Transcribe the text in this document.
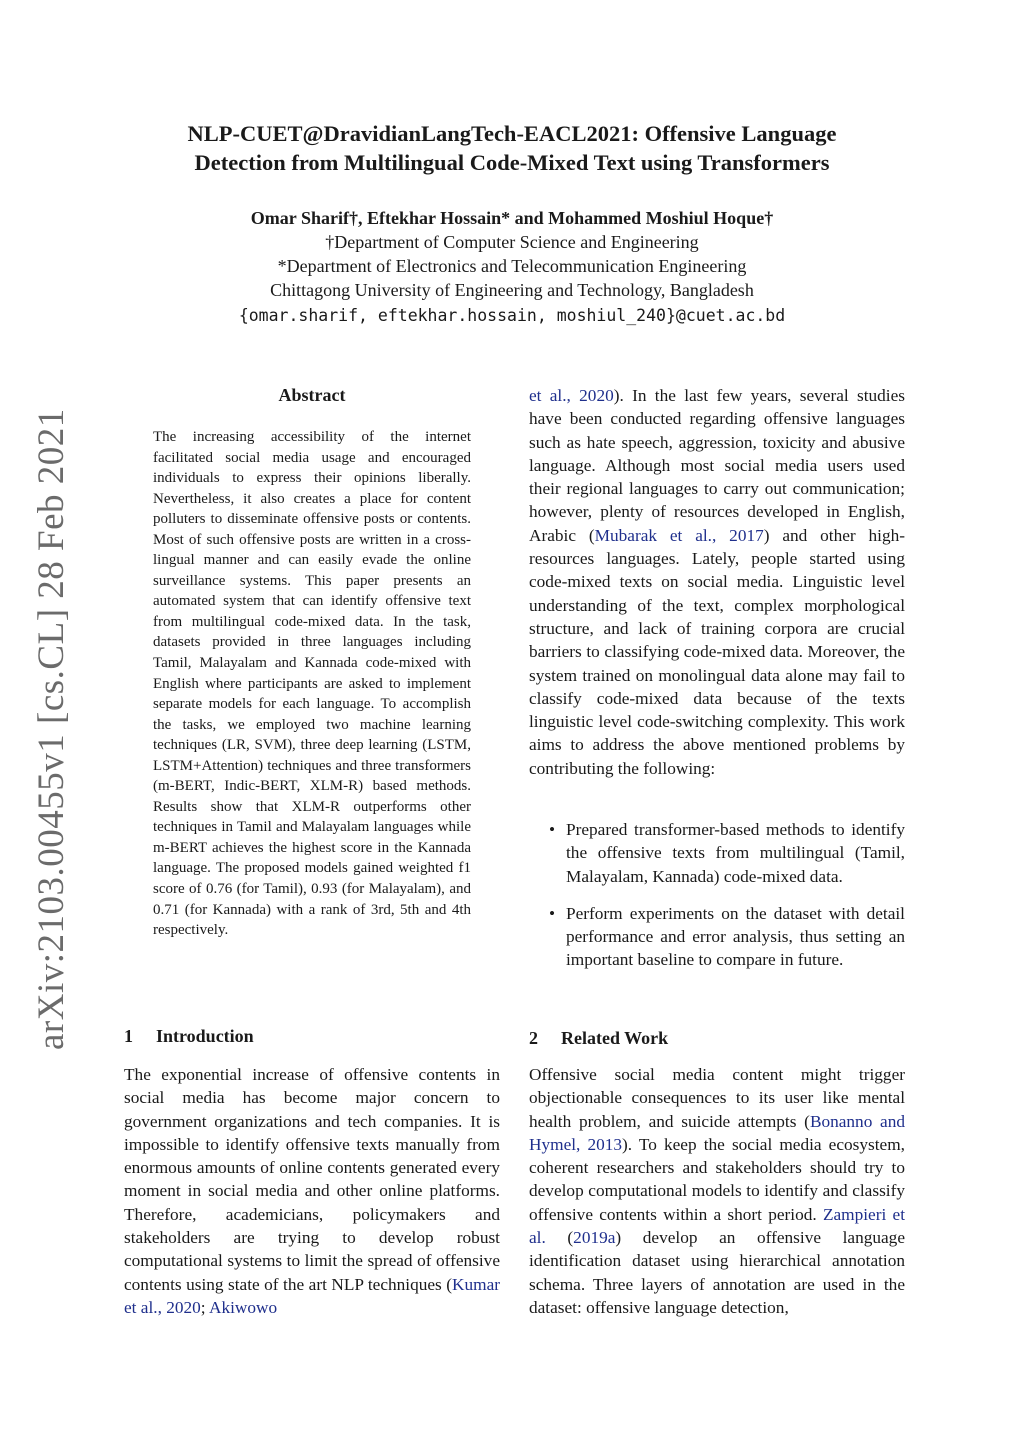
arXiv:2103.00455v1 [cs.CL] 28 Feb 2021
NLP-CUET@DravidianLangTech-EACL2021: Offensive Language
Detection from Multilingual Code-Mixed Text using Transformers
Omar Sharif†, Eftekhar Hossain* and Mohammed Moshiul Hoque†
†Department of Computer Science and Engineering
*Department of Electronics and Telecommunication Engineering
Chittagong University of Engineering and Technology, Bangladesh
{omar.sharif, eftekhar.hossain, moshiul_240}@cuet.ac.bd
Abstract
The increasing accessibility of the internet facilitated social media usage and encouraged individuals to express their opinions liberally. Nevertheless, it also creates a place for content polluters to disseminate offensive posts or contents. Most of such offensive posts are written in a cross-lingual manner and can easily evade the online surveillance systems. This paper presents an automated system that can identify offensive text from multilingual code-mixed data. In the task, datasets provided in three languages including Tamil, Malayalam and Kannada code-mixed with English where participants are asked to implement separate models for each language. To accomplish the tasks, we employed two machine learning techniques (LR, SVM), three deep learning (LSTM, LSTM+Attention) techniques and three transformers (m-BERT, Indic-BERT, XLM-R) based methods. Results show that XLM-R outperforms other techniques in Tamil and Malayalam languages while m-BERT achieves the highest score in the Kannada language. The proposed models gained weighted f1 score of 0.76 (for Tamil), 0.93 (for Malayalam), and 0.71 (for Kannada) with a rank of 3rd, 5th and 4th respectively.
1 Introduction
The exponential increase of offensive contents in social media has become major concern to government organizations and tech companies. It is impossible to identify offensive texts manually from enormous amounts of online contents generated every moment in social media and other online platforms. Therefore, academicians, policymakers and stakeholders are trying to develop robust computational systems to limit the spread of offensive contents using state of the art NLP techniques (Kumar et al., 2020; Akiwowo
et al., 2020). In the last few years, several studies have been conducted regarding offensive languages such as hate speech, aggression, toxicity and abusive language. Although most social media users used their regional languages to carry out communication; however, plenty of resources developed in English, Arabic (Mubarak et al., 2017) and other high-resources languages. Lately, people started using code-mixed texts on social media. Linguistic level understanding of the text, complex morphological structure, and lack of training corpora are crucial barriers to classifying code-mixed data. Moreover, the system trained on monolingual data alone may fail to classify code-mixed data because of the texts linguistic level code-switching complexity. This work aims to address the above mentioned problems by contributing the following:
• Prepared transformer-based methods to identify the offensive texts from multilingual (Tamil, Malayalam, Kannada) code-mixed data.
• Perform experiments on the dataset with detail performance and error analysis, thus setting an important baseline to compare in future.
2 Related Work
Offensive social media content might trigger objectionable consequences to its user like mental health problem, and suicide attempts (Bonanno and Hymel, 2013). To keep the social media ecosystem, coherent researchers and stakeholders should try to develop computational models to identify and classify offensive contents within a short period. Zampieri et al. (2019a) develop an offensive language identification dataset using hierarchical annotation schema. Three layers of annotation are used in the dataset: offensive language detection,
